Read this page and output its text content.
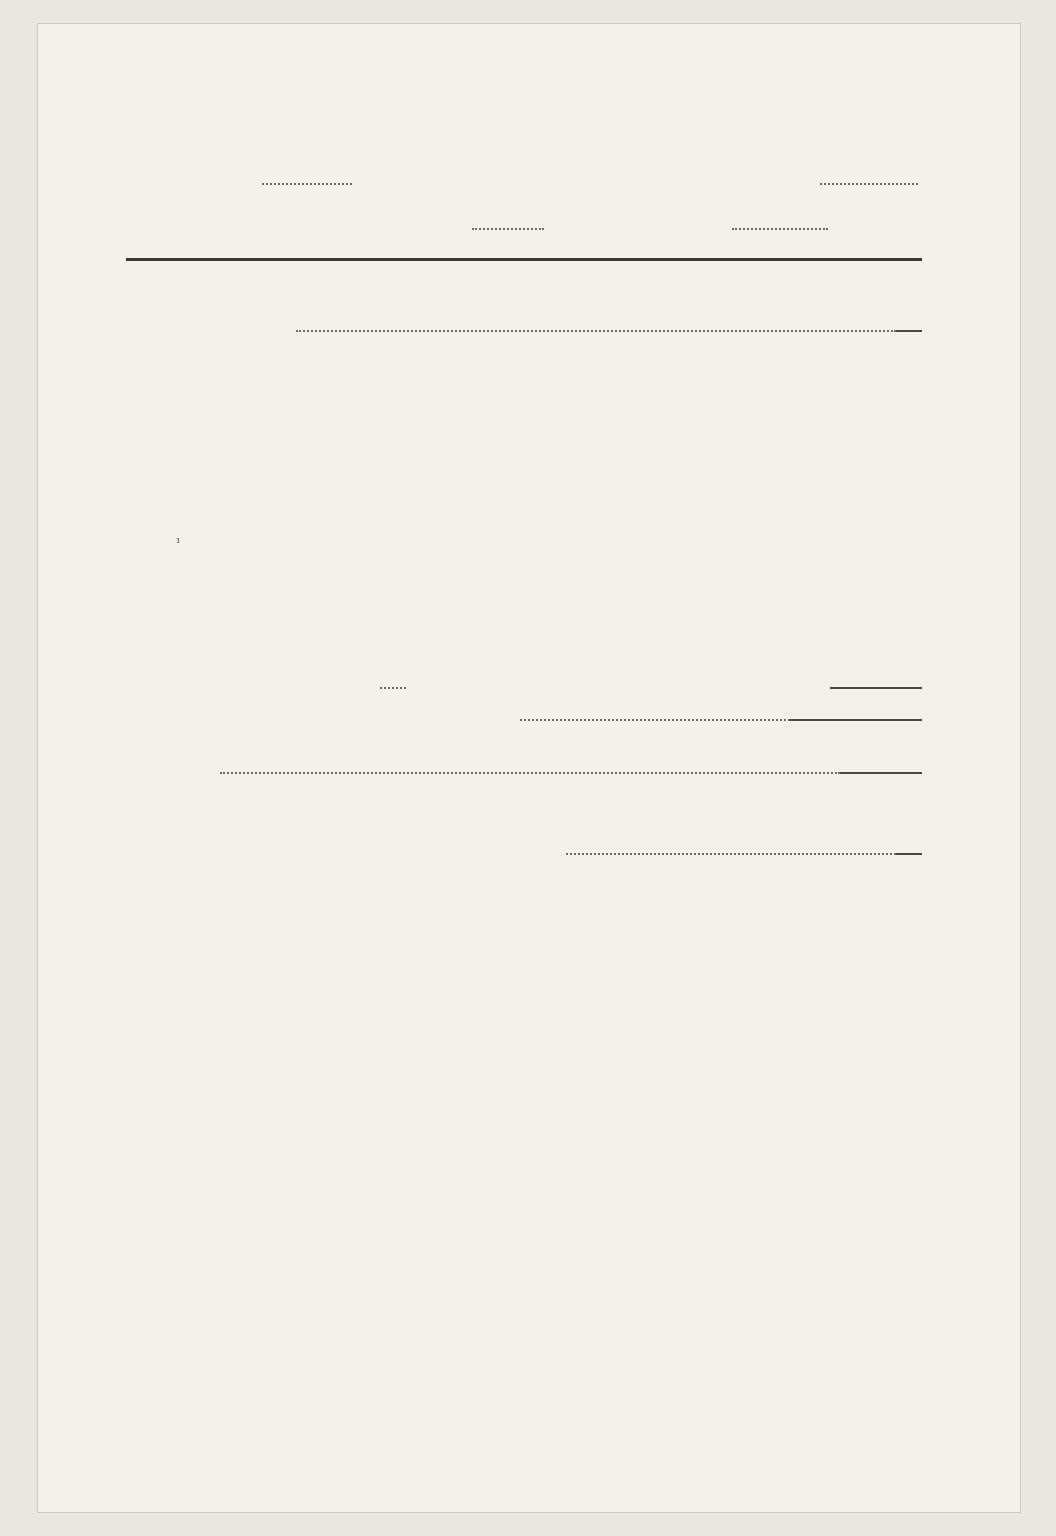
¹
